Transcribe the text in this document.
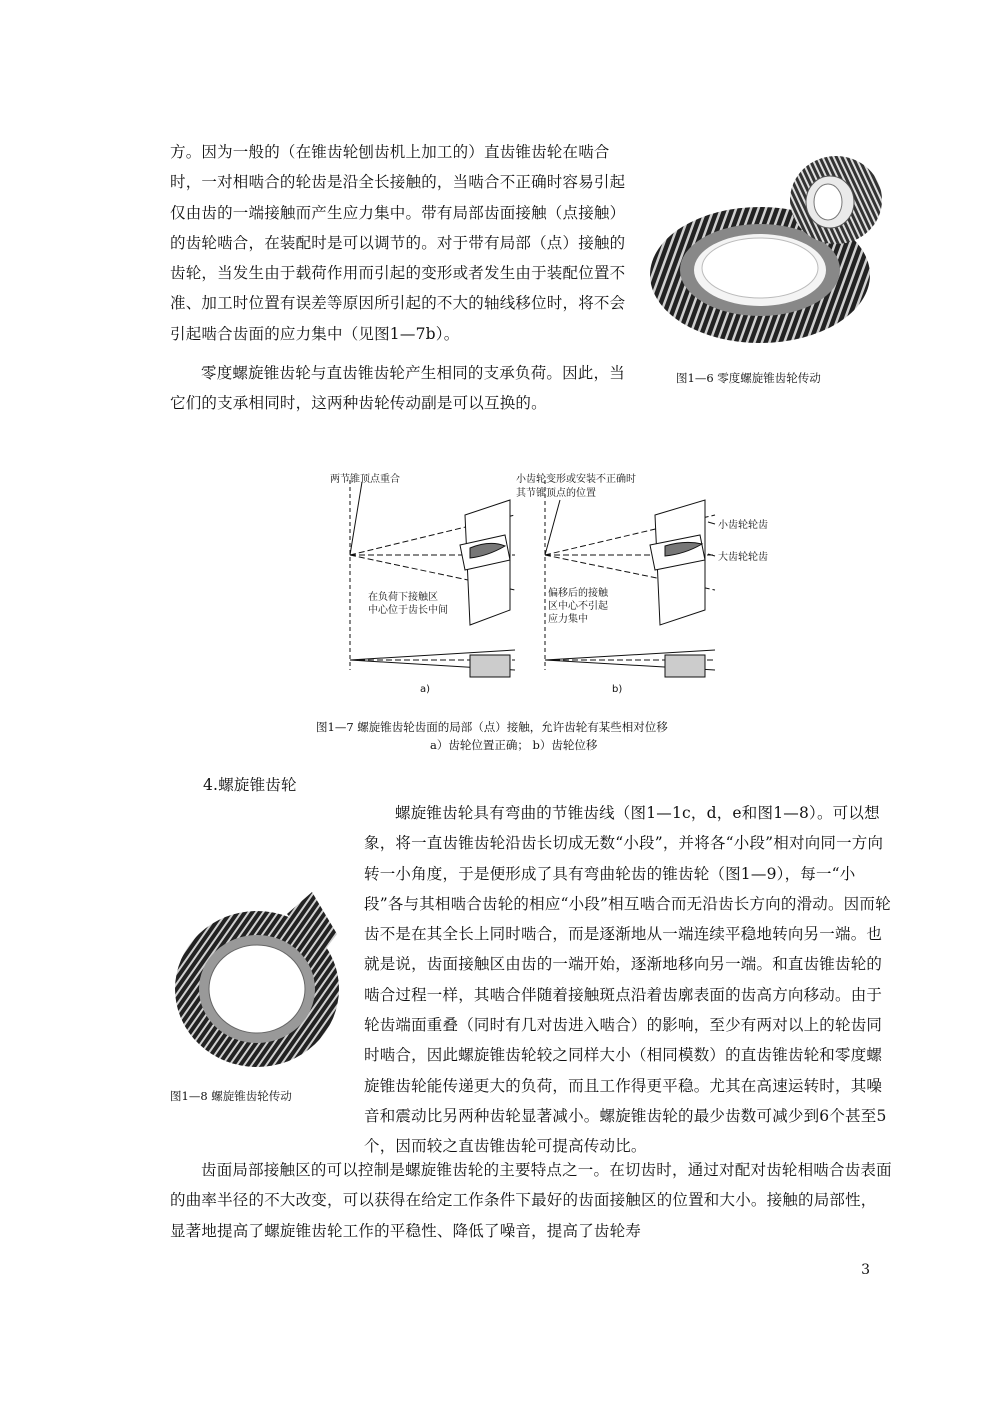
方。因为一般的（在锥齿轮刨齿机上加工的）直齿锥齿轮在啮合时，一对相啮合的轮齿是沿全长接触的，当啮合不正确时容易引起仅由齿的一端接触而产生应力集中。带有局部齿面接触（点接触）的齿轮啮合，在装配时是可以调节的。对于带有局部（点）接触的齿轮，当发生由于载荷作用而引起的变形或者发生由于装配位置不准、加工时位置有误差等原因所引起的不大的轴线移位时，将不会引起啮合齿面的应力集中（见图1—7b）。

图1—6 零度螺旋锥齿轮传动

零度螺旋锥齿轮与直齿锥齿轮产生相同的支承负荷。因此，当它们的支承相同时，这两种齿轮传动副是可以互换的。

两节锥顶点重合	小齿轮变形或安装不正确时
其节锥顶点的位置
小齿轮轮齿
大齿轮轮齿
在负荷下接触区
中心位于齿长中间
偏移后的接触
区中心不引起
应力集中
a)	b)
图1—7 螺旋锥齿轮齿面的局部（点）接触，允许齿轮有某些相对位移
a）齿轮位置正确； b）齿轮位移
4.螺旋锥齿轮
图1—8 螺旋锥齿轮传动

螺旋锥齿轮具有弯曲的节锥齿线（图1—1c，d，e和图1—8）。可以想象，将一直齿锥齿轮沿齿长切成无数“小段”，并将各“小段”相对向同一方向转一小角度，于是便形成了具有弯曲轮齿的锥齿轮（图1—9），每一“小段”各与其相啮合齿轮的相应“小段”相互啮合而无沿齿长方向的滑动。因而轮齿不是在其全长上同时啮合，而是逐渐地从一端连续平稳地转向另一端。也就是说，齿面接触区由齿的一端开始，逐渐地移向另一端。和直齿锥齿轮的啮合过程一样，其啮合伴随着接触斑点沿着齿廓表面的齿高方向移动。由于轮齿端面重叠（同时有几对齿进入啮合）的影响，至少有两对以上的轮齿同时啮合，因此螺旋锥齿轮较之同样大小（相同模数）的直齿锥齿轮和零度螺旋锥齿轮能传递更大的负荷，而且工作得更平稳。尤其在高速运转时，其噪音和震动比另两种齿轮显著减小。螺旋锥齿轮的最少齿数可减少到6个甚至5个，因而较之直齿锥齿轮可提高传动比。

齿面局部接触区的可以控制是螺旋锥齿轮的主要特点之一。在切齿时，通过对配对齿轮相啮合齿表面的曲率半径的不大改变，可以获得在给定工作条件下最好的齿面接触区的位置和大小。接触的局部性，显著地提高了螺旋锥齿轮工作的平稳性、降低了噪音，提高了齿轮寿

3
